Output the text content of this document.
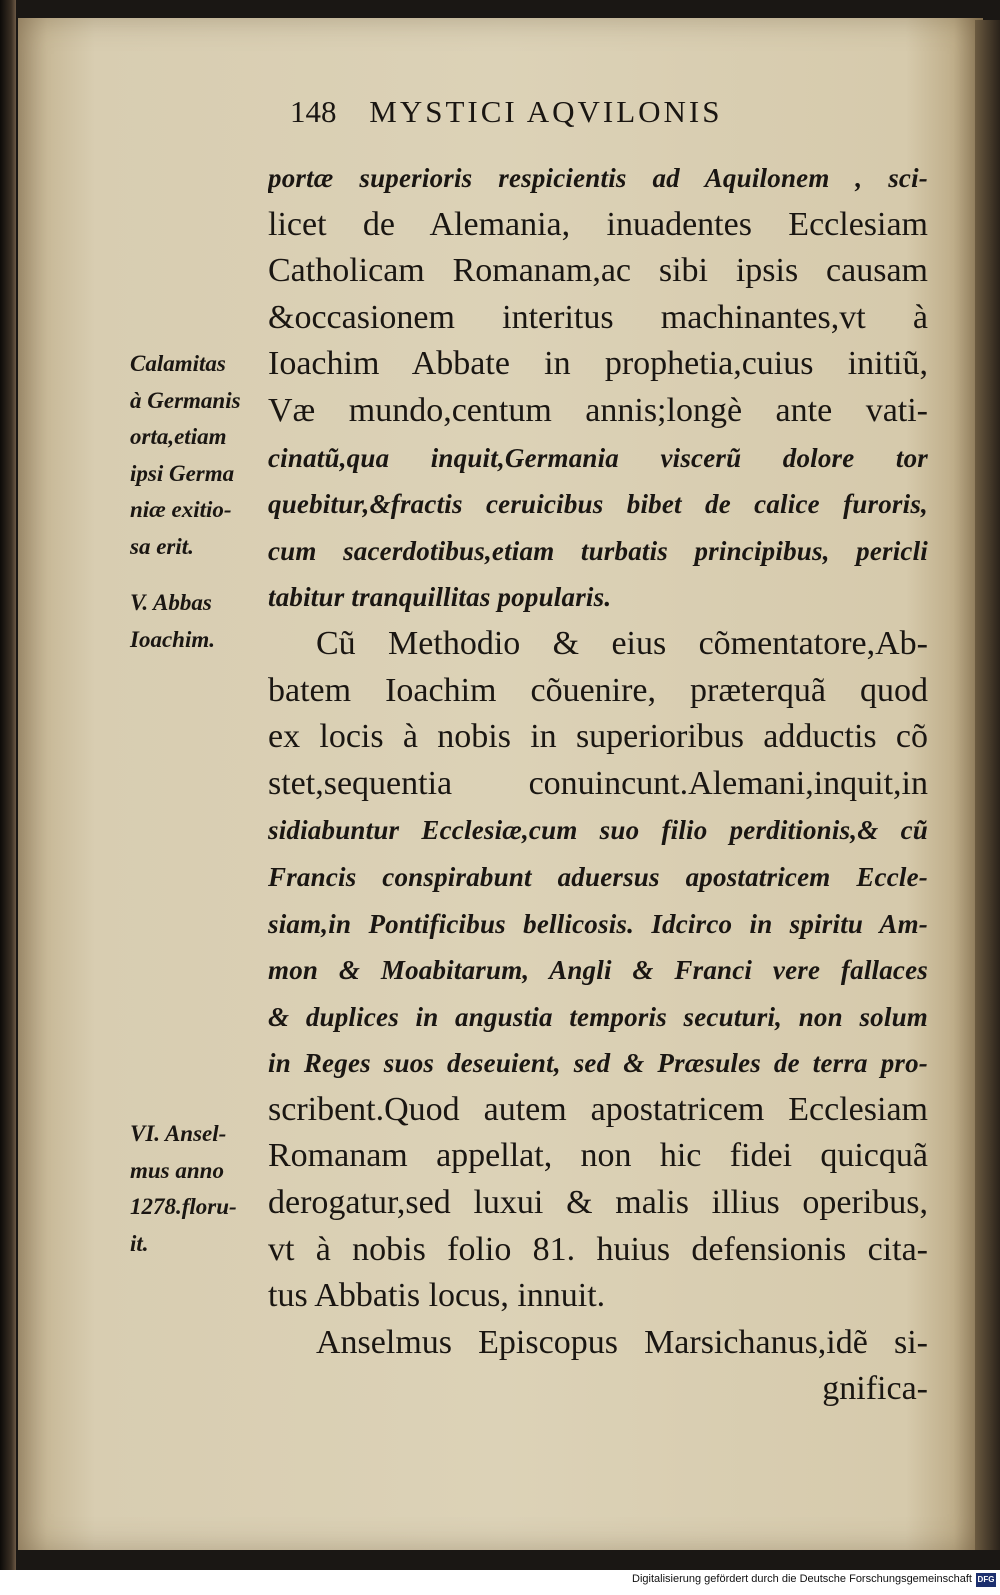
148 MYSTICI AQVILONIS
portæ superioris respicientis ad Aquilonem , sci-
licet de Alemania, inuadentes Ecclesiam
Catholicam Romanam,ac sibi ipsis causam
&occasionem interitus machinantes,vt à
Ioachim Abbate in prophetia,cuius initiũ,
Væ mundo,centum annis;longè ante vati-
cinatũ,qua inquit,Germania viscerũ dolore tor
quebitur,&fractis ceruicibus bibet de calice furoris,
cum sacerdotibus,etiam turbatis principibus, pericli
tabitur tranquillitas popularis.
Cũ Methodio & eius cõmentatore,Ab-
batem Ioachim cõuenire, præterquã quod
ex locis à nobis in superioribus adductis cõ
stet,sequentia conuincunt.Alemani,inquit,in
sidiabuntur Ecclesiæ,cum suo filio perditionis,& cũ
Francis conspirabunt aduersus apostatricem Eccle-
siam,in Pontificibus bellicosis. Idcirco in spiritu Am-
mon & Moabitarum, Angli & Franci vere fallaces
& duplices in angustia temporis secuturi, non solum
in Reges suos deseuient, sed & Præsules de terra pro-
scribent.Quod autem apostatricem Ecclesiam
Romanam appellat, non hic fidei quicquã
derogatur,sed luxui & malis illius operibus,
vt à nobis folio 81. huius defensionis cita-
tus Abbatis locus, innuit.
Anselmus Episcopus Marsichanus,idẽ si-
gnifica-
Calamitas
à Germanis
orta,etiam
ipsi Germa
niæ exitio-
sa erit.
V. Abbas
Ioachim.
VI. Ansel-
mus anno
1278.floru-
it.
Digitalisierung gefördert durch die Deutsche Forschungsgemeinschaft DFG
